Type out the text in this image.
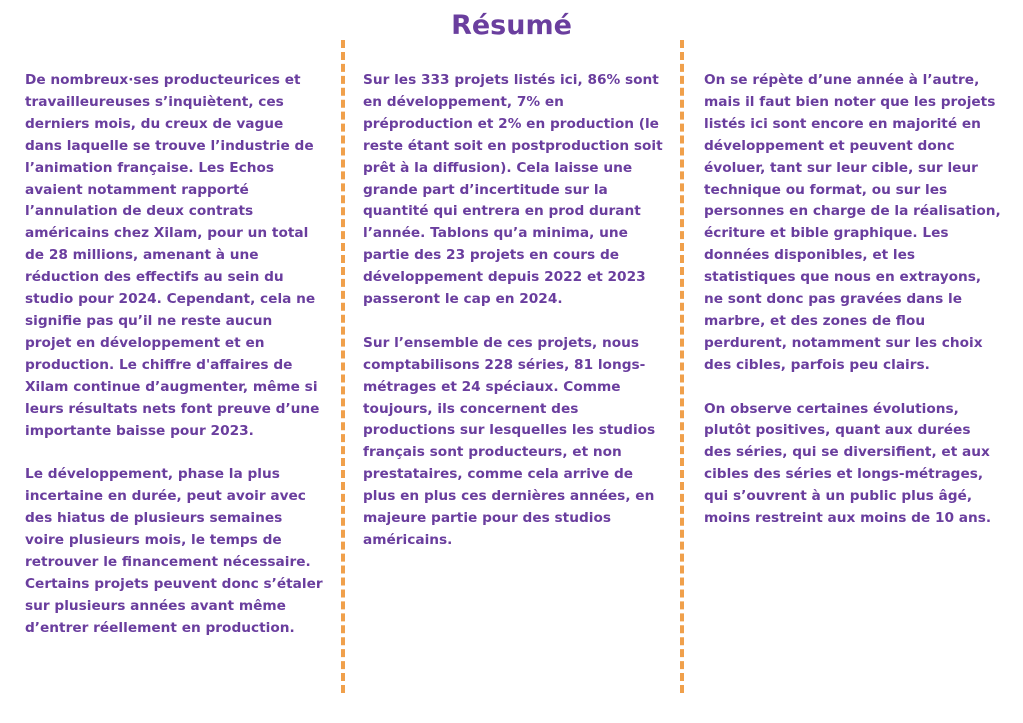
Résumé

De nombreux·ses producteurices et travailleureuses s’inquiètent, ces derniers mois, du creux de vague dans laquelle se trouve l’industrie de l’animation française. Les Echos avaient notamment rapporté l’annulation de deux contrats américains chez Xilam, pour un total de 28 millions, amenant à une réduction des effectifs au sein du studio pour 2024. Cependant, cela ne signifie pas qu’il ne reste aucun projet en développement et en production. Le chiffre d'affaires de Xilam continue d’augmenter, même si leurs résultats nets font preuve d’une importante baisse pour 2023.

Le développement, phase la plus incertaine en durée, peut avoir avec des hiatus de plusieurs semaines voire plusieurs mois, le temps de retrouver le financement nécessaire. Certains projets peuvent donc s’étaler sur plusieurs années avant même d’entrer réellement en production.

Sur les 333 projets listés ici, 86% sont en développement, 7% en préproduction et 2% en production (le reste étant soit en postproduction soit prêt à la diffusion). Cela laisse une grande part d’incertitude sur la quantité qui entrera en prod durant l’année. Tablons qu’a minima, une partie des 23 projets en cours de développement depuis 2022 et 2023 passeront le cap en 2024.

Sur l’ensemble de ces projets, nous comptabilisons 228 séries, 81 longs-métrages et 24 spéciaux. Comme toujours, ils concernent des productions sur lesquelles les studios français sont producteurs, et non prestataires, comme cela arrive de plus en plus ces dernières années, en majeure partie pour des studios américains.

On se répète d’une année à l’autre, mais il faut bien noter que les projets listés ici sont encore en majorité en développement et peuvent donc évoluer, tant sur leur cible, sur leur technique ou format, ou sur les personnes en charge de la réalisation, écriture et bible graphique. Les données disponibles, et les statistiques que nous en extrayons, ne sont donc pas gravées dans le marbre, et des zones de flou perdurent, notamment sur les choix des cibles, parfois peu clairs.

On observe certaines évolutions, plutôt positives, quant aux durées des séries, qui se diversifient, et aux cibles des séries et longs-métrages, qui s’ouvrent à un public plus âgé, moins restreint aux moins de 10 ans.
